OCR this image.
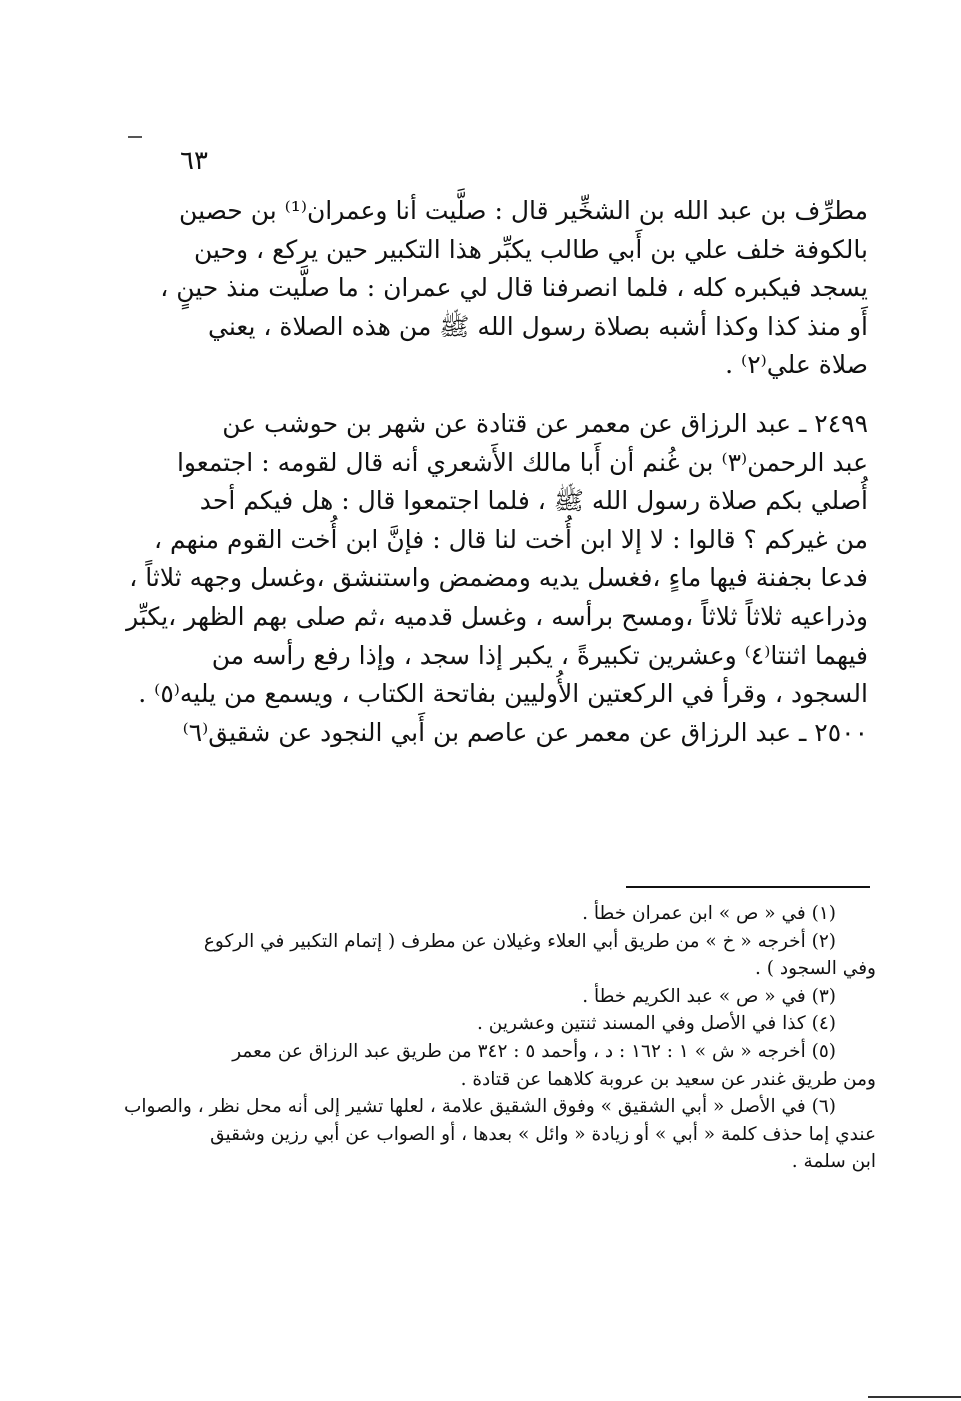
٦٣
مطرِّف بن عبد الله بن الشخِّير قال : صلَّيت أنا وعمران⁽¹⁾ بن حصين
بالكوفة خلف علي بن أَبي طالب يكبِّر هذا التكبير حين يركع ، وحين
يسجد فيكبره كله ، فلما انصرفنا قال لي عمران : ما صلَّيت منذ حينٍ ،
أَو منذ كذا وكذا أشبه بصلاة رسول الله ﷺ من هذه الصلاة ، يعني
صلاة علي⁽٢⁾ .
٢٤٩٩ ـ عبد الرزاق عن معمر عن قتادة عن شهر بن حوشب عن
عبد الرحمن⁽٣⁾ بن غُنم أن أَبا مالك الأَشعري أنه قال لقومه : اجتمعوا
أُصلي بكم صلاة رسول الله ﷺ ، فلما اجتمعوا قال : هل فيكم أحد
من غيركم ؟ قالوا : لا إلا ابن أُخت لنا قال : فإنَّ ابن أُخت القوم منهم ،
فدعا بجفنة فيها ماءٍ ،فغسل يديه ومضمض واستنشق ،وغسل وجهه ثلاثاً ،
وذراعيه ثلاثاً ثلاثاً ،ومسح برأسه ، وغسل قدميه ،ثم صلى بهم الظهر ،يكبِّر
فيهما اثنتا⁽٤⁾ وعشرين تكبيرةً ، يكبر إذا سجد ، وإذا رفع رأسه من
السجود ، وقرأ في الركعتين الأُوليين بفاتحة الكتاب ، ويسمع من يليه⁽٥⁾ .
٢٥٠٠ ـ عبد الرزاق عن معمر عن عاصم بن أَبي النجود عن شقيق⁽٦⁾
(١) في « ص » ابن عمران خطأ .
(٢) أخرجه « خ » من طريق أبي العلاء وغيلان عن مطرف ( إتمام التكبير في الركوع
وفي السجود ) .
(٣) في « ص » عبد الكريم خطأ .
(٤) كذا في الأصل وفي المسند ثنتين وعشرين .
(٥) أخرجه « ش » ١ : ١٦٢ : د ، وأحمد ٥ : ٣٤٢ من طريق عبد الرزاق عن معمر
ومن طريق غندر عن سعيد بن عروبة كلاهما عن قتادة .
(٦) في الأصل « أبي الشقيق » وفوق الشقيق علامة ، لعلها تشير إلى أنه محل نظر ، والصواب
عندي إما حذف كلمة « أبي » أو زيادة « وائل » بعدها ، أو الصواب عن أبي رزين وشقيق
ابن سلمة .
